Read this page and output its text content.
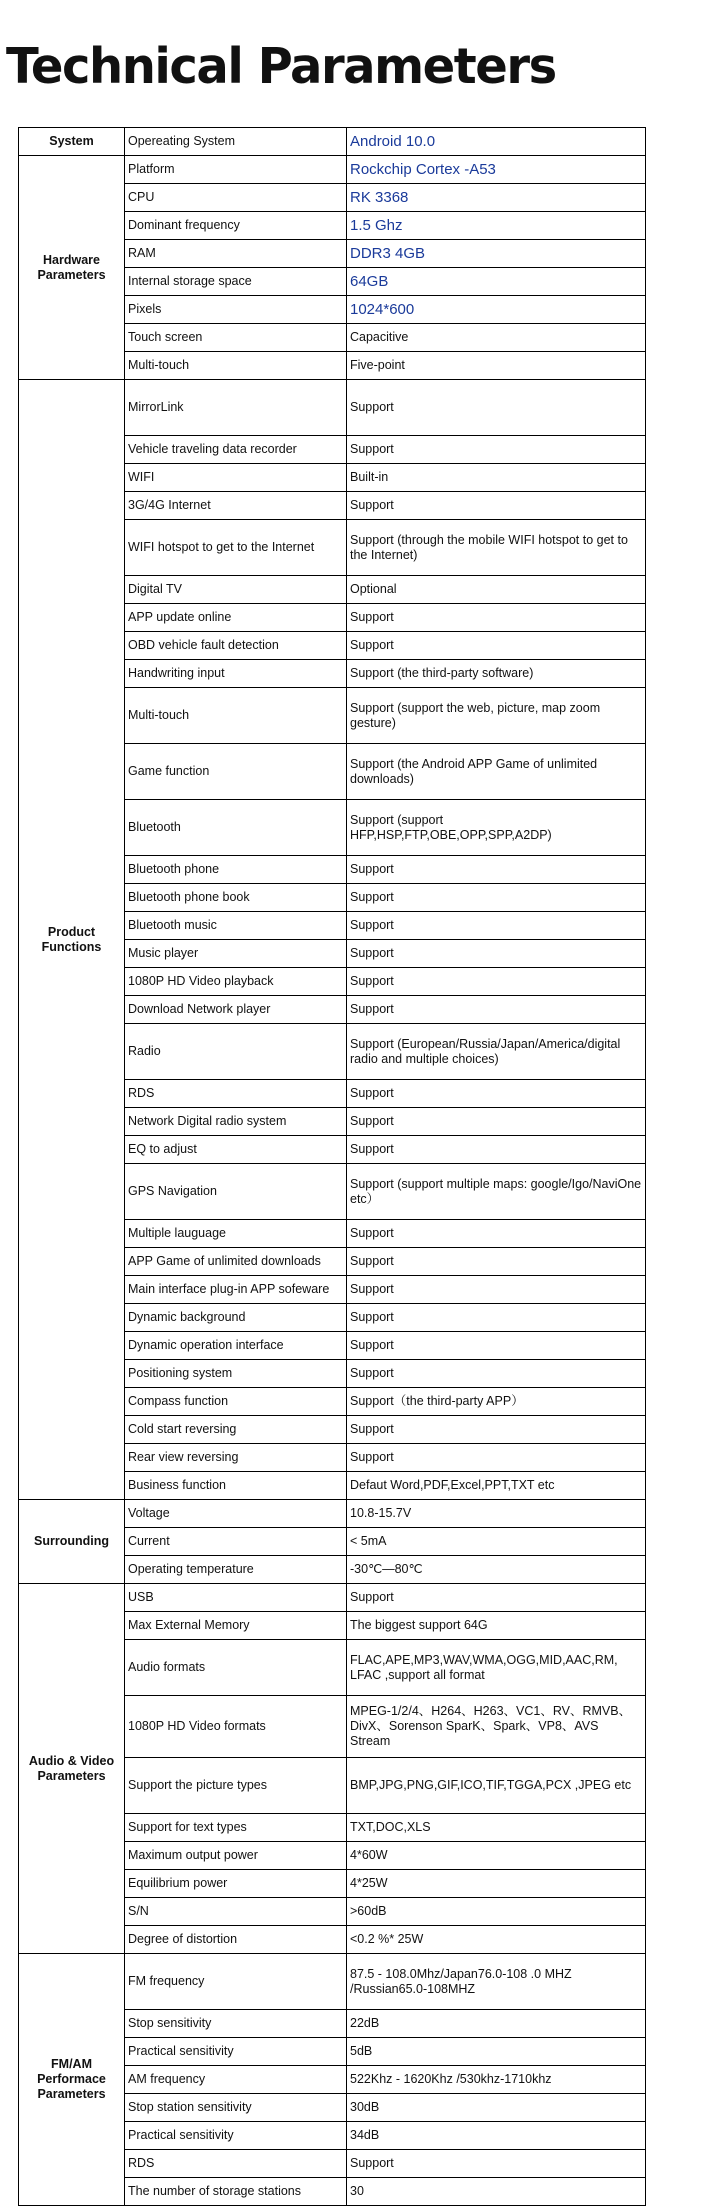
Technical Parameters
System	Opereating System	Android 10.0
Hardware Parameters	Platform	Rockchip Cortex -A53
	CPU	RK 3368
	Dominant frequency	1.5 Ghz
	RAM	DDR3 4GB
	Internal storage space	64GB
	Pixels	1024*600
	Touch screen	Capacitive
	Multi-touch	Five-point
Product Functions	MirrorLink	Support
	Vehicle traveling data recorder	Support
	WIFI	Built-in
	3G/4G Internet	Support
	WIFI hotspot to get to the Internet	Support (through the mobile WIFI hotspot to get to the Internet)
	Digital TV	Optional
	APP update online	Support
	OBD vehicle fault detection	Support
	Handwriting input	Support (the third-party software)
	Multi-touch	Support (support the web, picture, map zoom gesture)
	Game function	Support (the Android APP Game of unlimited downloads)
	Bluetooth	Support (support HFP,HSP,FTP,OBE,OPP,SPP,A2DP)
	Bluetooth phone	Support
	Bluetooth phone book	Support
	Bluetooth music	Support
	Music player	Support
	1080P HD Video playback	Support
	Download Network player	Support
	Radio	Support (European/Russia/Japan/America/digital radio and multiple choices)
	RDS	Support
	Network Digital radio system	Support
	EQ to adjust	Support
	GPS Navigation	Support (support multiple maps: google/Igo/NaviOne etc）
	Multiple lauguage	Support
	APP Game of unlimited downloads	Support
	Main interface plug-in APP sofeware	Support
	Dynamic background	Support
	Dynamic operation interface	Support
	Positioning system	Support
	Compass function	Support（the third-party APP）
	Cold start reversing	Support
	Rear view reversing	Support
	Business function	Defaut Word,PDF,Excel,PPT,TXT etc
Surrounding	Voltage	10.8-15.7V
	Current	< 5mA
	Operating temperature	-30℃—80℃
Audio & Video Parameters	USB	Support
	Max External Memory	The biggest support 64G
	Audio formats	FLAC,APE,MP3,WAV,WMA,OGG,MID,AAC,RM, LFAC ,support all format
	1080P HD Video formats	MPEG-1/2/4、H264、H263、VC1、RV、RMVB、DivX、Sorenson SparK、Spark、VP8、AVS Stream
	Support the picture types	BMP,JPG,PNG,GIF,ICO,TIF,TGGA,PCX ,JPEG etc
	Support for text types	TXT,DOC,XLS
	Maximum output power	4*60W
	Equilibrium power	4*25W
	S/N	>60dB
	Degree of distortion	<0.2 %* 25W
FM/AM Performace Parameters	FM frequency	87.5 - 108.0Mhz/Japan76.0-108 .0 MHZ /Russian65.0-108MHZ
	Stop sensitivity	22dB
	Practical sensitivity	5dB
	AM frequency	522Khz - 1620Khz /530khz-1710khz
	Stop station sensitivity	30dB
	Practical sensitivity	34dB
	RDS	Support
	The number of storage stations	30
